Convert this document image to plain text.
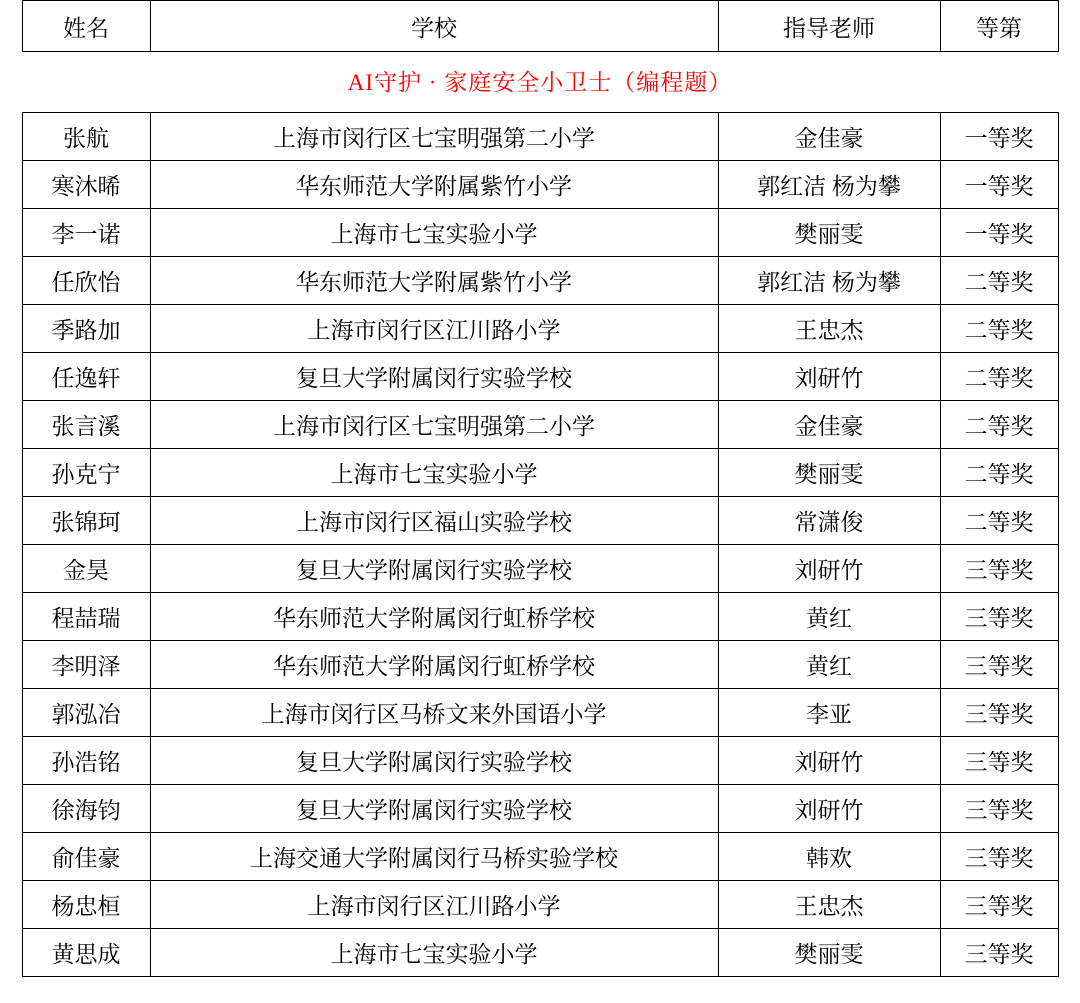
AI守护 · 家庭安全小卫士（编程题）			
姓名	学校	指导老师	等第
张航	上海市闵行区七宝明强第二小学	金佳豪	一等奖
寒沐晞	华东师范大学附属紫竹小学	郭红洁 杨为攀	一等奖
李一诺	上海市七宝实验小学	樊丽雯	一等奖
任欣怡	华东师范大学附属紫竹小学	郭红洁 杨为攀	二等奖
季路加	上海市闵行区江川路小学	王忠杰	二等奖
任逸轩	复旦大学附属闵行实验学校	刘研竹	二等奖
张言溪	上海市闵行区七宝明强第二小学	金佳豪	二等奖
孙克宁	上海市七宝实验小学	樊丽雯	二等奖
张锦珂	上海市闵行区福山实验学校	常潇俊	二等奖
金昊	复旦大学附属闵行实验学校	刘研竹	三等奖
程喆瑞	华东师范大学附属闵行虹桥学校	黄红	三等奖
李明泽	华东师范大学附属闵行虹桥学校	黄红	三等奖
郭泓冶	上海市闵行区马桥文来外国语小学	李亚	三等奖
孙浩铭	复旦大学附属闵行实验学校	刘研竹	三等奖
徐海钧	复旦大学附属闵行实验学校	刘研竹	三等奖
俞佳豪	上海交通大学附属闵行马桥实验学校	韩欢	三等奖
杨忠桓	上海市闵行区江川路小学	王忠杰	三等奖
黄思成	上海市七宝实验小学	樊丽雯	三等奖
